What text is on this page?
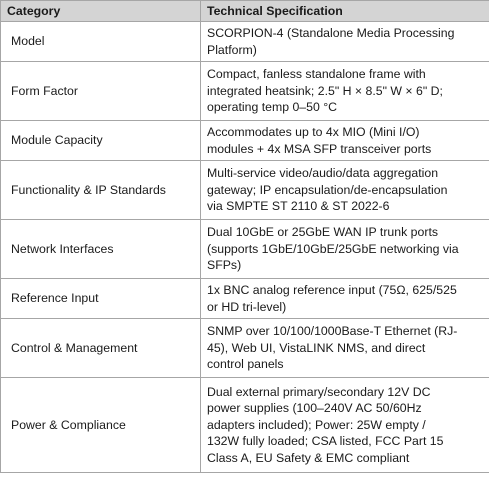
Category	Technical Specification
Model	SCORPION-4 (Standalone Media Processing
Platform)

Form Factor	Compact, fanless standalone frame with
integrated heatsink; 2.5" H × 8.5" W × 6" D;
operating temp 0–50 °C

Module Capacity	Accommodates up to 4x MIO (Mini I/O)
modules + 4x MSA SFP transceiver ports

Functionality & IP Standards	Multi-service video/audio/data aggregation
gateway; IP encapsulation/de-encapsulation
via SMPTE ST 2110 & ST 2022-6

Network Interfaces	Dual 10GbE or 25GbE WAN IP trunk ports
(supports 1GbE/10GbE/25GbE networking via
SFPs)

Reference Input	1x BNC analog reference input (75Ω, 625/525
or HD tri-level)

Control & Management	SNMP over 10/100/1000Base-T Ethernet (RJ-
45), Web UI, VistaLINK NMS, and direct
control panels

Power & Compliance	Dual external primary/secondary 12V DC
power supplies (100–240V AC 50/60Hz
adapters included); Power: 25W empty /
132W fully loaded; CSA listed, FCC Part 15
Class A, EU Safety & EMC compliant
